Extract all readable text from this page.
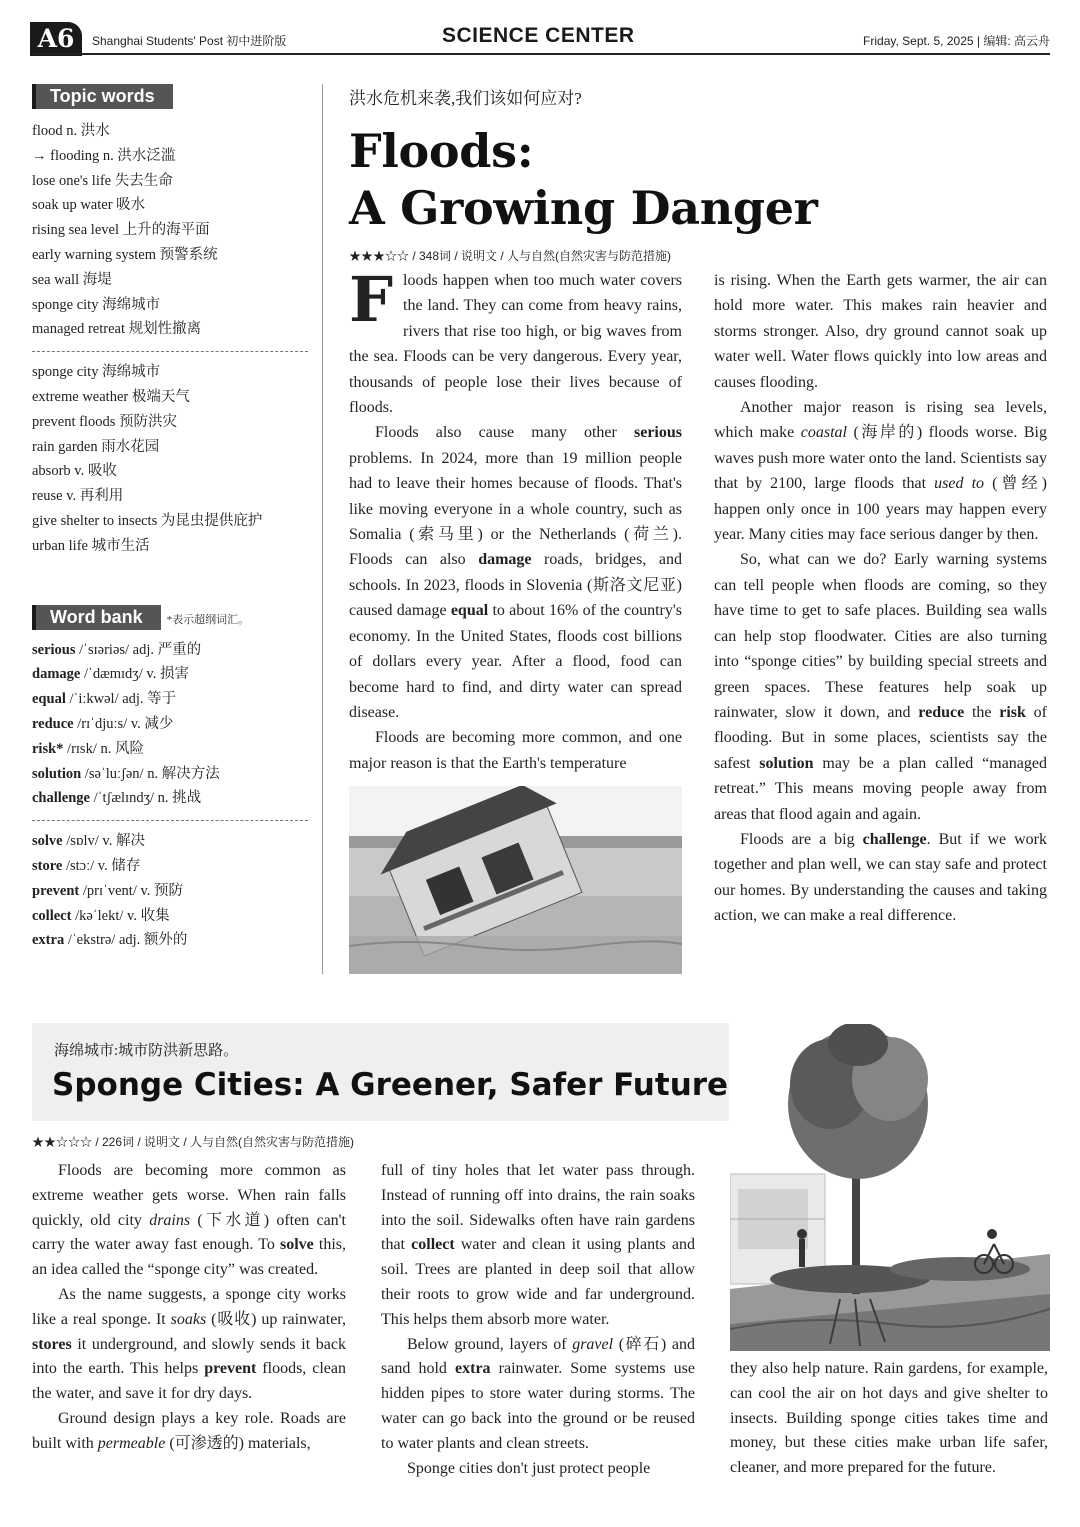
A6	Shanghai Students' Post 初中进阶版	SCIENCE CENTER	Friday, Sept. 5, 2025 | 编辑: 高云舟
Topic words
flood n. 洪水
→ flooding n. 洪水泛滥
lose one's life 失去生命
soak up water 吸水
rising sea level 上升的海平面
early warning system 预警系统
sea wall 海堤
sponge city 海绵城市
managed retreat 规划性撤离
sponge city 海绵城市
extreme weather 极端天气
prevent floods 预防洪灾
rain garden 雨水花园
absorb v. 吸收
reuse v. 再利用
give shelter to insects 为昆虫提供庇护
urban life 城市生活
Word bank *表示超纲词汇。
serious /ˈsɪəriəs/ adj. 严重的
damage /ˈdæmɪdʒ/ v. 损害
equal /ˈiːkwəl/ adj. 等于
reduce /rɪˈdjuːs/ v. 减少
risk* /rɪsk/ n. 风险
solution /səˈluːʃən/ n. 解决方法
challenge /ˈtʃælɪndʒ/ n. 挑战
solve /sɒlv/ v. 解决
store /stɔː/ v. 储存
prevent /prɪˈvent/ v. 预防
collect /kəˈlekt/ v. 收集
extra /ˈekstrə/ adj. 额外的
洪水危机来袭,我们该如何应对?
Floods:
A Growing Danger
★★★☆☆ / 348词 / 说明文 / 人与自然(自然灾害与防范措施)

Floods happen when too much water covers the land. They can come from heavy rains, rivers that rise too high, or big waves from the sea. Floods can be very dangerous. Every year, thousands of people lose their lives because of floods.

Floods also cause many other serious problems. In 2024, more than 19 million people had to leave their homes because of floods. That's like moving everyone in a whole country, such as Somalia (索马里) or the Netherlands (荷兰). Floods can also damage roads, bridges, and schools. In 2023, floods in Slovenia (斯洛文尼亚) caused damage equal to about 16% of the country's economy. In the United States, floods cost billions of dollars every year. After a flood, food can become hard to find, and dirty water can spread disease.

Floods are becoming more common, and one major reason is that the Earth's temperature

is rising. When the Earth gets warmer, the air can hold more water. This makes rain heavier and storms stronger. Also, dry ground cannot soak up water well. Water flows quickly into low areas and causes flooding.

Another major reason is rising sea levels, which make coastal (海岸的) floods worse. Big waves push more water onto the land. Scientists say that by 2100, large floods that used to (曾经) happen only once in 100 years may happen every year. Many cities may face serious danger by then.

So, what can we do? Early warning systems can tell people when floods are coming, so they have time to get to safe places. Building sea walls can help stop floodwater. Cities are also turning into “sponge cities” by building special streets and green spaces. These features help soak up rainwater, slow it down, and reduce the risk of flooding. But in some places, scientists say the safest solution may be a plan called “managed retreat.” This means moving people away from areas that flood again and again.

Floods are a big challenge. But if we work together and plan well, we can stay safe and protect our homes. By understanding the causes and taking action, we can make a real difference.

海绵城市:城市防洪新思路。
Sponge Cities: A Greener, Safer Future
★★☆☆☆ / 226词 / 说明文 / 人与自然(自然灾害与防范措施)

Floods are becoming more common as extreme weather gets worse. When rain falls quickly, old city drains (下水道) often can't carry the water away fast enough. To solve this, an idea called the “sponge city” was created.

As the name suggests, a sponge city works like a real sponge. It soaks (吸收) up rainwater, stores it underground, and slowly sends it back into the earth. This helps prevent floods, clean the water, and save it for dry days.

Ground design plays a key role. Roads are built with permeable (可渗透的) materials,

full of tiny holes that let water pass through. Instead of running off into drains, the rain soaks into the soil. Sidewalks often have rain gardens that collect water and clean it using plants and soil. Trees are planted in deep soil that allow their roots to grow wide and far underground. This helps them absorb more water.

Below ground, layers of gravel (碎石) and sand hold extra rainwater. Some systems use hidden pipes to store water during storms. The water can go back into the ground or be reused to water plants and clean streets.

Sponge cities don't just protect people

they also help nature. Rain gardens, for example, can cool the air on hot days and give shelter to insects. Building sponge cities takes time and money, but these cities make urban life safer, cleaner, and more prepared for the future.
